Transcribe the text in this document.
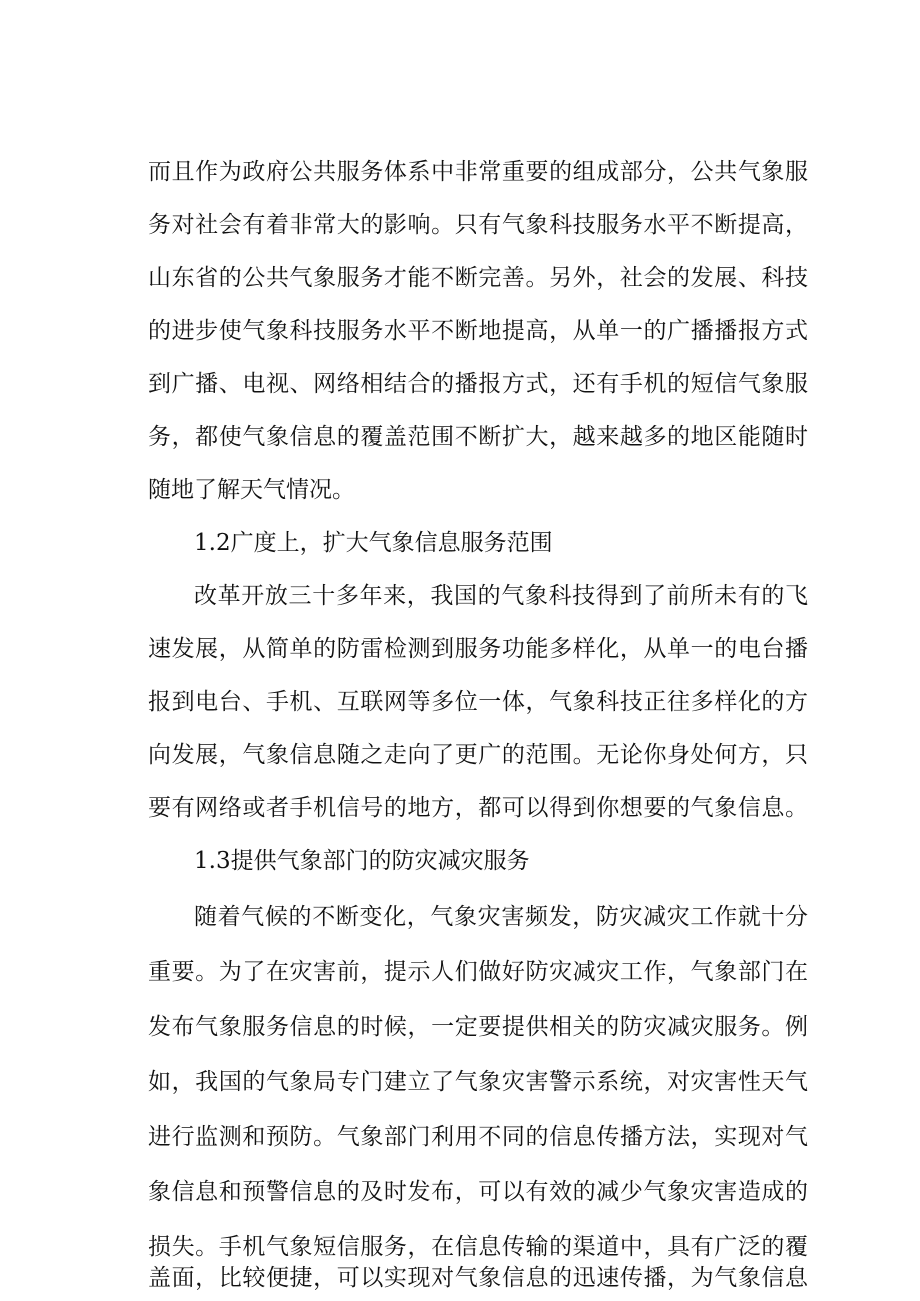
而且作为政府公共服务体系中非常重要的组成部分，公共气象服
务对社会有着非常大的影响。只有气象科技服务水平不断提高，
山东省的公共气象服务才能不断完善。另外，社会的发展、科技
的进步使气象科技服务水平不断地提高，从单一的广播播报方式
到广播、电视、网络相结合的播报方式，还有手机的短信气象服
务，都使气象信息的覆盖范围不断扩大，越来越多的地区能随时
随地了解天气情况。
1.2广度上，扩大气象信息服务范围
改革开放三十多年来，我国的气象科技得到了前所未有的飞
速发展，从简单的防雷检测到服务功能多样化，从单一的电台播
报到电台、手机、互联网等多位一体，气象科技正往多样化的方
向发展，气象信息随之走向了更广的范围。无论你身处何方，只
要有网络或者手机信号的地方，都可以得到你想要的气象信息。
1.3提供气象部门的防灾减灾服务
随着气候的不断变化，气象灾害频发，防灾减灾工作就十分
重要。为了在灾害前，提示人们做好防灾减灾工作，气象部门在
发布气象服务信息的时候，一定要提供相关的防灾减灾服务。例
如，我国的气象局专门建立了气象灾害警示系统，对灾害性天气
进行监测和预防。气象部门利用不同的信息传播方法，实现对气
象信息和预警信息的及时发布，可以有效的减少气象灾害造成的
损失。手机气象短信服务，在信息传输的渠道中，具有广泛的覆
盖面，比较便捷，可以实现对气象信息的迅速传播，为气象信息
